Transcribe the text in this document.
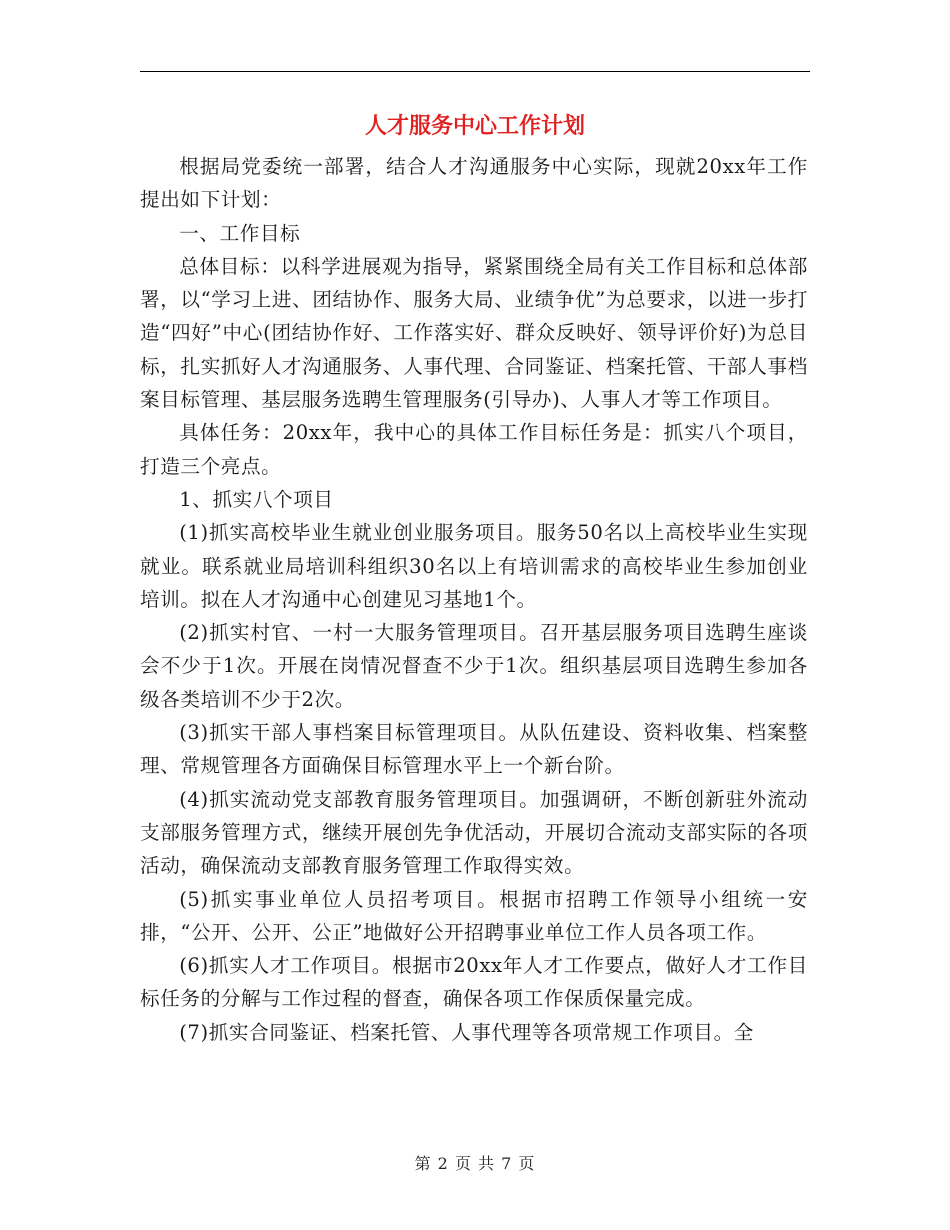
人才服务中心工作计划

根据局党委统一部署，结合人才沟通服务中心实际，现就20xx年工作提出如下计划：

一、工作目标

总体目标：以科学进展观为指导，紧紧围绕全局有关工作目标和总体部署，以“学习上进、团结协作、服务大局、业绩争优”为总要求，以进一步打造“四好”中心(团结协作好、工作落实好、群众反映好、领导评价好)为总目标，扎实抓好人才沟通服务、人事代理、合同鉴证、档案托管、干部人事档案目标管理、基层服务选聘生管理服务(引导办)、人事人才等工作项目。

具体任务：20xx年，我中心的具体工作目标任务是：抓实八个项目，打造三个亮点。

1、抓实八个项目

(1)抓实高校毕业生就业创业服务项目。服务50名以上高校毕业生实现就业。联系就业局培训科组织30名以上有培训需求的高校毕业生参加创业培训。拟在人才沟通中心创建见习基地1个。

(2)抓实村官、一村一大服务管理项目。召开基层服务项目选聘生座谈会不少于1次。开展在岗情况督查不少于1次。组织基层项目选聘生参加各级各类培训不少于2次。

(3)抓实干部人事档案目标管理项目。从队伍建设、资料收集、档案整理、常规管理各方面确保目标管理水平上一个新台阶。

(4)抓实流动党支部教育服务管理项目。加强调研，不断创新驻外流动支部服务管理方式，继续开展创先争优活动，开展切合流动支部实际的各项活动，确保流动支部教育服务管理工作取得实效。

(5)抓实事业单位人员招考项目。根据市招聘工作领导小组统一安排，“公开、公开、公正”地做好公开招聘事业单位工作人员各项工作。

(6)抓实人才工作项目。根据市20xx年人才工作要点，做好人才工作目标任务的分解与工作过程的督查，确保各项工作保质保量完成。

(7)抓实合同鉴证、档案托管、人事代理等各项常规工作项目。全

第 2 页 共 7 页
